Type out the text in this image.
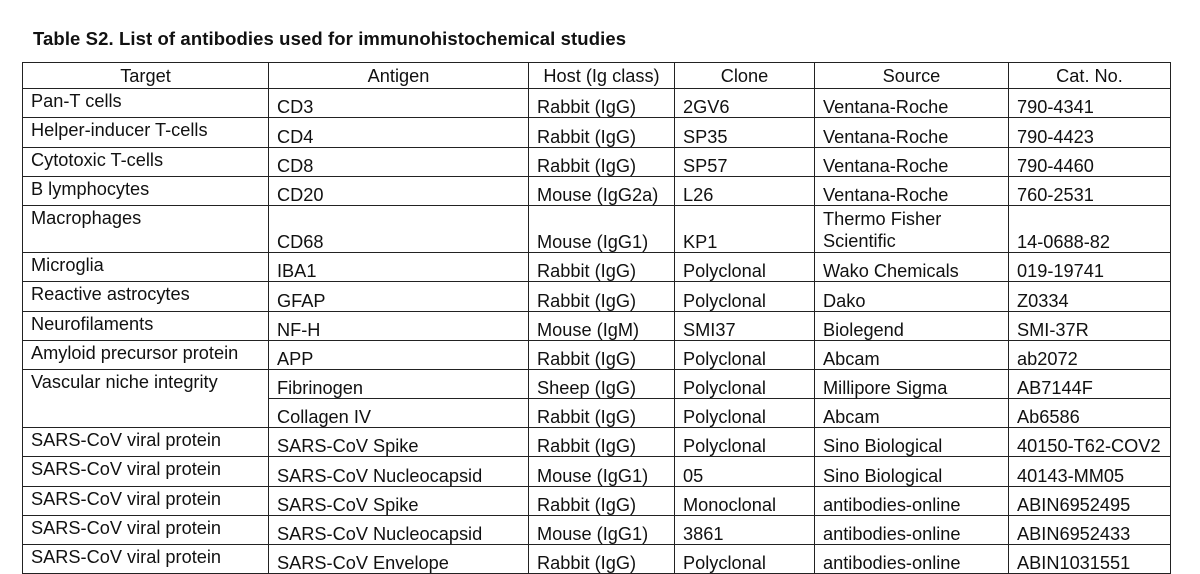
Table S2. List of antibodies used for immunohistochemical studies
Target	Antigen	Host (Ig class)	Clone	Source	Cat. No.
Pan-T cells	CD3	Rabbit (IgG)	2GV6	Ventana-Roche	790-4341
Helper-inducer T-cells	CD4	Rabbit (IgG)	SP35	Ventana-Roche	790-4423
Cytotoxic T-cells	CD8	Rabbit (IgG)	SP57	Ventana-Roche	790-4460
B lymphocytes	CD20	Mouse (IgG2a)	L26	Ventana-Roche	760-2531
Macrophages	CD68	Mouse (IgG1)	KP1	Thermo Fisher Scientific	14-0688-82
Microglia	IBA1	Rabbit (IgG)	Polyclonal	Wako Chemicals	019-19741
Reactive astrocytes	GFAP	Rabbit (IgG)	Polyclonal	Dako	Z0334
Neurofilaments	NF-H	Mouse (IgM)	SMI37	Biolegend	SMI-37R
Amyloid precursor protein	APP	Rabbit (IgG)	Polyclonal	Abcam	ab2072
Vascular niche integrity	Fibrinogen	Sheep (IgG)	Polyclonal	Millipore Sigma	AB7144F
	Collagen IV	Rabbit (IgG)	Polyclonal	Abcam	Ab6586
SARS-CoV viral protein	SARS-CoV Spike	Rabbit (IgG)	Polyclonal	Sino Biological	40150-T62-COV2
SARS-CoV viral protein	SARS-CoV Nucleocapsid	Mouse (IgG1)	05	Sino Biological	40143-MM05
SARS-CoV viral protein	SARS-CoV Spike	Rabbit (IgG)	Monoclonal	antibodies-online	ABIN6952495
SARS-CoV viral protein	SARS-CoV Nucleocapsid	Mouse (IgG1)	3861	antibodies-online	ABIN6952433
SARS-CoV viral protein	SARS-CoV Envelope	Rabbit (IgG)	Polyclonal	antibodies-online	ABIN1031551
